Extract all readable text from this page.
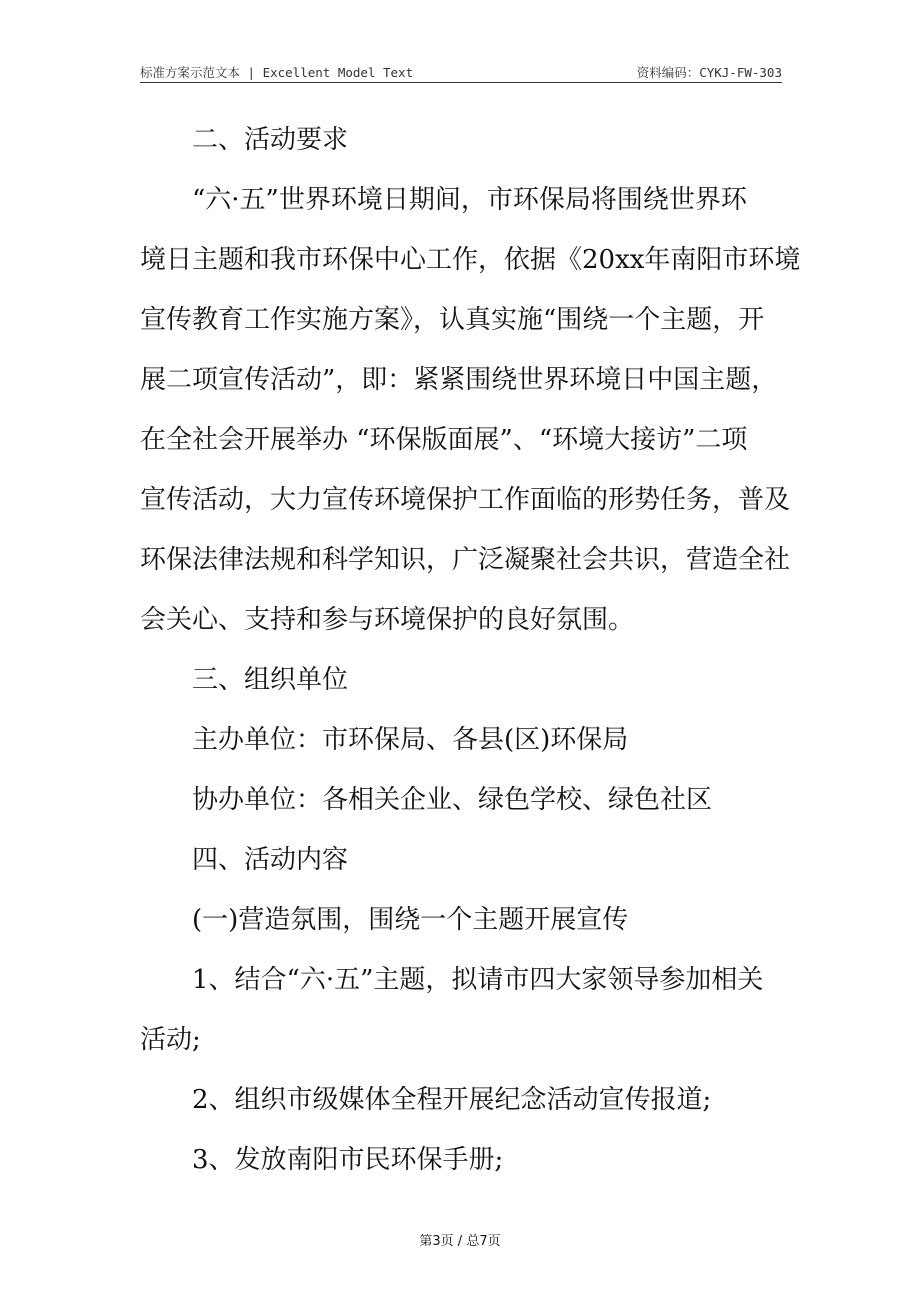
标准方案示范文本 | Excellent Model Text	资料编码：CYKJ-FW-303

二、活动要求

“六·五”世界环境日期间，市环保局将围绕世界环

境日主题和我市环保中心工作，依据《20xx年南阳市环境

宣传教育工作实施方案》，认真实施“围绕一个主题，开

展二项宣传活动”，即：紧紧围绕世界环境日中国主题，

在全社会开展举办 “环保版面展”、“环境大接访”二项

宣传活动，大力宣传环境保护工作面临的形势任务，普及

环保法律法规和科学知识，广泛凝聚社会共识，营造全社

会关心、支持和参与环境保护的良好氛围。

三、组织单位

主办单位：市环保局、各县(区)环保局

协办单位：各相关企业、绿色学校、绿色社区

四、活动内容

(一)营造氛围，围绕一个主题开展宣传

1、结合“六·五”主题，拟请市四大家领导参加相关

活动;

2、组织市级媒体全程开展纪念活动宣传报道;

3、发放南阳市民环保手册;

第3页 / 总7页
